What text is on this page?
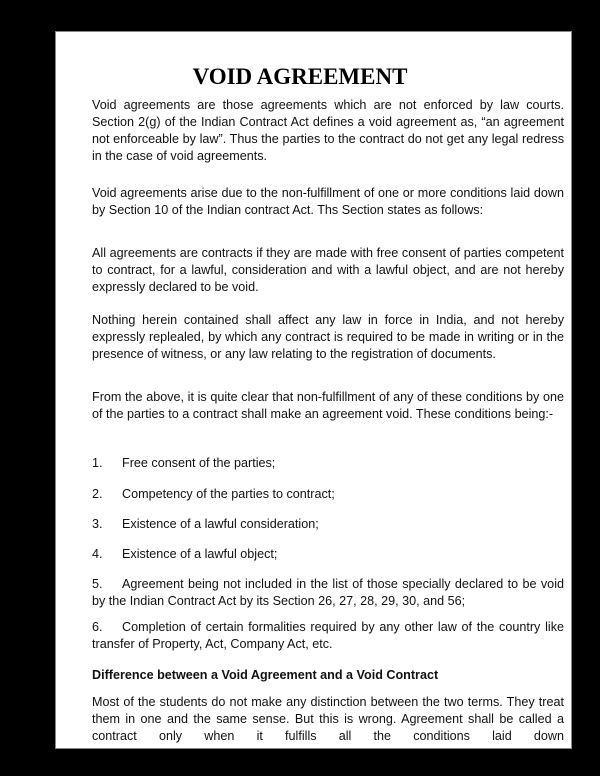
VOID AGREEMENT

Void agreements are those agreements which are not enforced by law courts. Section 2(g) of the Indian Contract Act defines a void agreement as, “an agreement not enforceable by law”. Thus the parties to the contract do not get any legal redress in the case of void agreements.

Void agreements arise due to the non-fulfillment of one or more conditions laid down by Section 10 of the Indian contract Act. Ths Section states as follows:

All agreements are contracts if they are made with free consent of parties competent to contract, for a lawful, consideration and with a lawful object, and are not hereby expressly declared to be void.

Nothing herein contained shall affect any law in force in India, and not hereby expressly replealed, by which any contract is required to be made in writing or in the presence of witness, or any law relating to the registration of documents.

From the above, it is quite clear that non-fulfillment of any of these conditions by one of the parties to a contract shall make an agreement void. These conditions being:-

1. Free consent of the parties;

2. Competency of the parties to contract;

3. Existence of a lawful consideration;

4. Existence of a lawful object;

5. Agreement being not included in the list of those specially declared to be void by the Indian Contract Act by its Section 26, 27, 28, 29, 30, and 56;

6. Completion of certain formalities required by any other law of the country like transfer of Property, Act, Company Act, etc.

Difference between a Void Agreement and a Void Contract

Most of the students do not make any distinction between the two terms. They treat them in one and the same sense. But this is wrong. Agreement shall be called a contract only when it fulfills all the conditions laid down
